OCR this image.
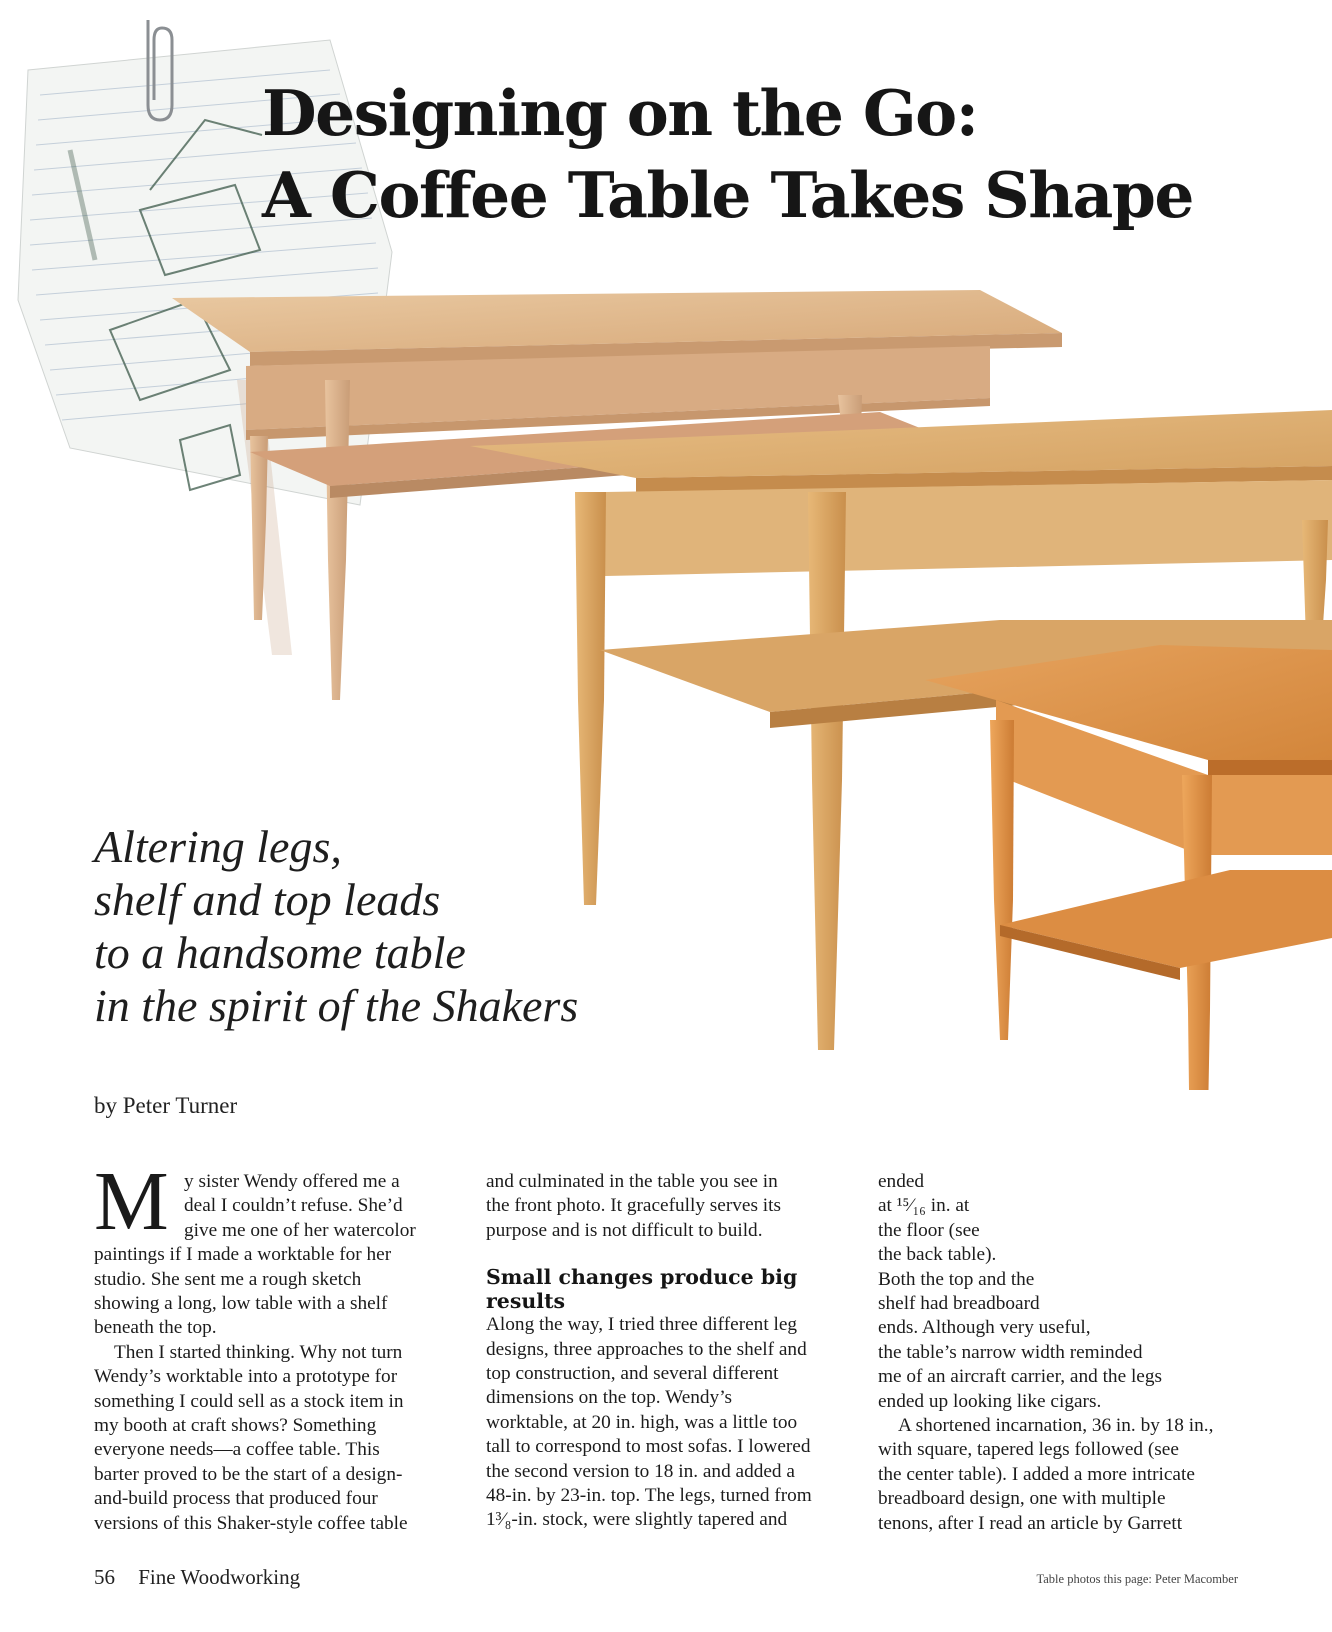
Designing on the Go:
A Coffee Table Takes Shape

Altering legs,
shelf and top leads
to a handsome table
in the spirit of the Shakers

by Peter Turner
M y sister Wendy offered me a
deal I couldn’t refuse. She’d
give me one of her watercolor
paintings if I made a worktable for her
studio. She sent me a rough sketch
showing a long, low table with a shelf
beneath the top.

Then I started thinking. Why not turn
Wendy’s worktable into a prototype for
something I could sell as a stock item in
my booth at craft shows? Something
everyone needs—a coffee table. This
barter proved to be the start of a design-
and-build process that produced four
versions of this Shaker-style coffee table

and culminated in the table you see in
the front photo. It gracefully serves its
purpose and is not difficult to build.

Small changes produce big results

Along the way, I tried three different leg
designs, three approaches to the shelf and
top construction, and several different
dimensions on the top. Wendy’s
worktable, at 20 in. high, was a little too
tall to correspond to most sofas. I lowered
the second version to 18 in. and added a
48-in. by 23-in. top. The legs, turned from
1³⁄₈-in. stock, were slightly tapered and

ended
at ¹⁵⁄₁₆ in. at
the floor (see
the back table).
Both the top and the
shelf had breadboard
ends. Although very useful,
the table’s narrow width reminded
me of an aircraft carrier, and the legs
ended up looking like cigars.

A shortened incarnation, 36 in. by 18 in.,
with square, tapered legs followed (see
the center table). I added a more intricate
breadboard design, one with multiple
tenons, after I read an article by Garrett

56 Fine Woodworking	Table photos this page: Peter Macomber
